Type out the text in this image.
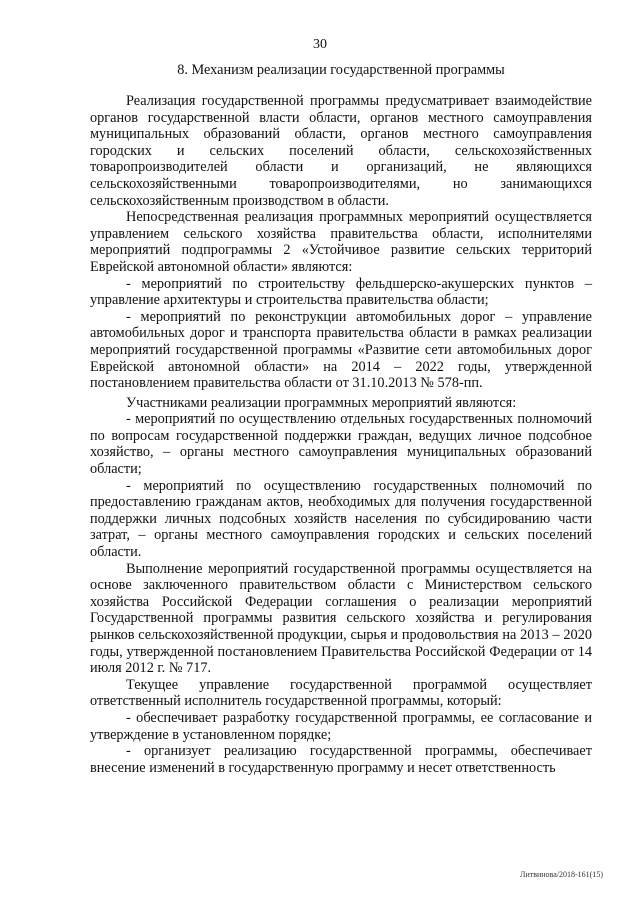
30
8. Механизм реализации государственной программы

Реализация государственной программы предусматривает взаимодействие органов государственной власти области, органов местного самоуправления муниципальных образований области, органов местного самоуправления городских и сельских поселений области, сельскохозяйственных товаропроизводителей области и организаций, не являющихся сельскохозяйственными товаропроизводителями, но занимающихся сельскохозяйственным производством в области.

Непосредственная реализация программных мероприятий осуществляется управлением сельского хозяйства правительства области, исполнителями мероприятий подпрограммы 2 «Устойчивое развитие сельских территорий Еврейской автономной области» являются:

- мероприятий по строительству фельдшерско-акушерских пунктов – управление архитектуры и строительства правительства области;

- мероприятий по реконструкции автомобильных дорог – управление автомобильных дорог и транспорта правительства области в рамках реализации мероприятий государственной программы «Развитие сети автомобильных дорог Еврейской автономной области» на 2014 – 2022 годы, утвержденной постановлением правительства области от 31.10.2013 № 578-пп.

Участниками реализации программных мероприятий являются:

- мероприятий по осуществлению отдельных государственных полномочий по вопросам государственной поддержки граждан, ведущих личное подсобное хозяйство, – органы местного самоуправления муниципальных образований области;

- мероприятий по осуществлению государственных полномочий по предоставлению гражданам актов, необходимых для получения государственной поддержки личных подсобных хозяйств населения по субсидированию части затрат, – органы местного самоуправления городских и сельских поселений области.

Выполнение мероприятий государственной программы осуществляется на основе заключенного правительством области с Министерством сельского хозяйства Российской Федерации соглашения о реализации мероприятий Государственной программы развития сельского хозяйства и регулирования рынков сельскохозяйственной продукции, сырья и продовольствия на 2013 – 2020 годы, утвержденной постановлением Правительства Российской Федерации от 14 июля 2012 г. № 717.

Текущее управление государственной программой осуществляет ответственный исполнитель государственной программы, который:

- обеспечивает разработку государственной программы, ее согласование и утверждение в установленном порядке;

- организует реализацию государственной программы, обеспечивает внесение изменений в государственную программу и несет ответственность

Литвинова/2018-161(15)
